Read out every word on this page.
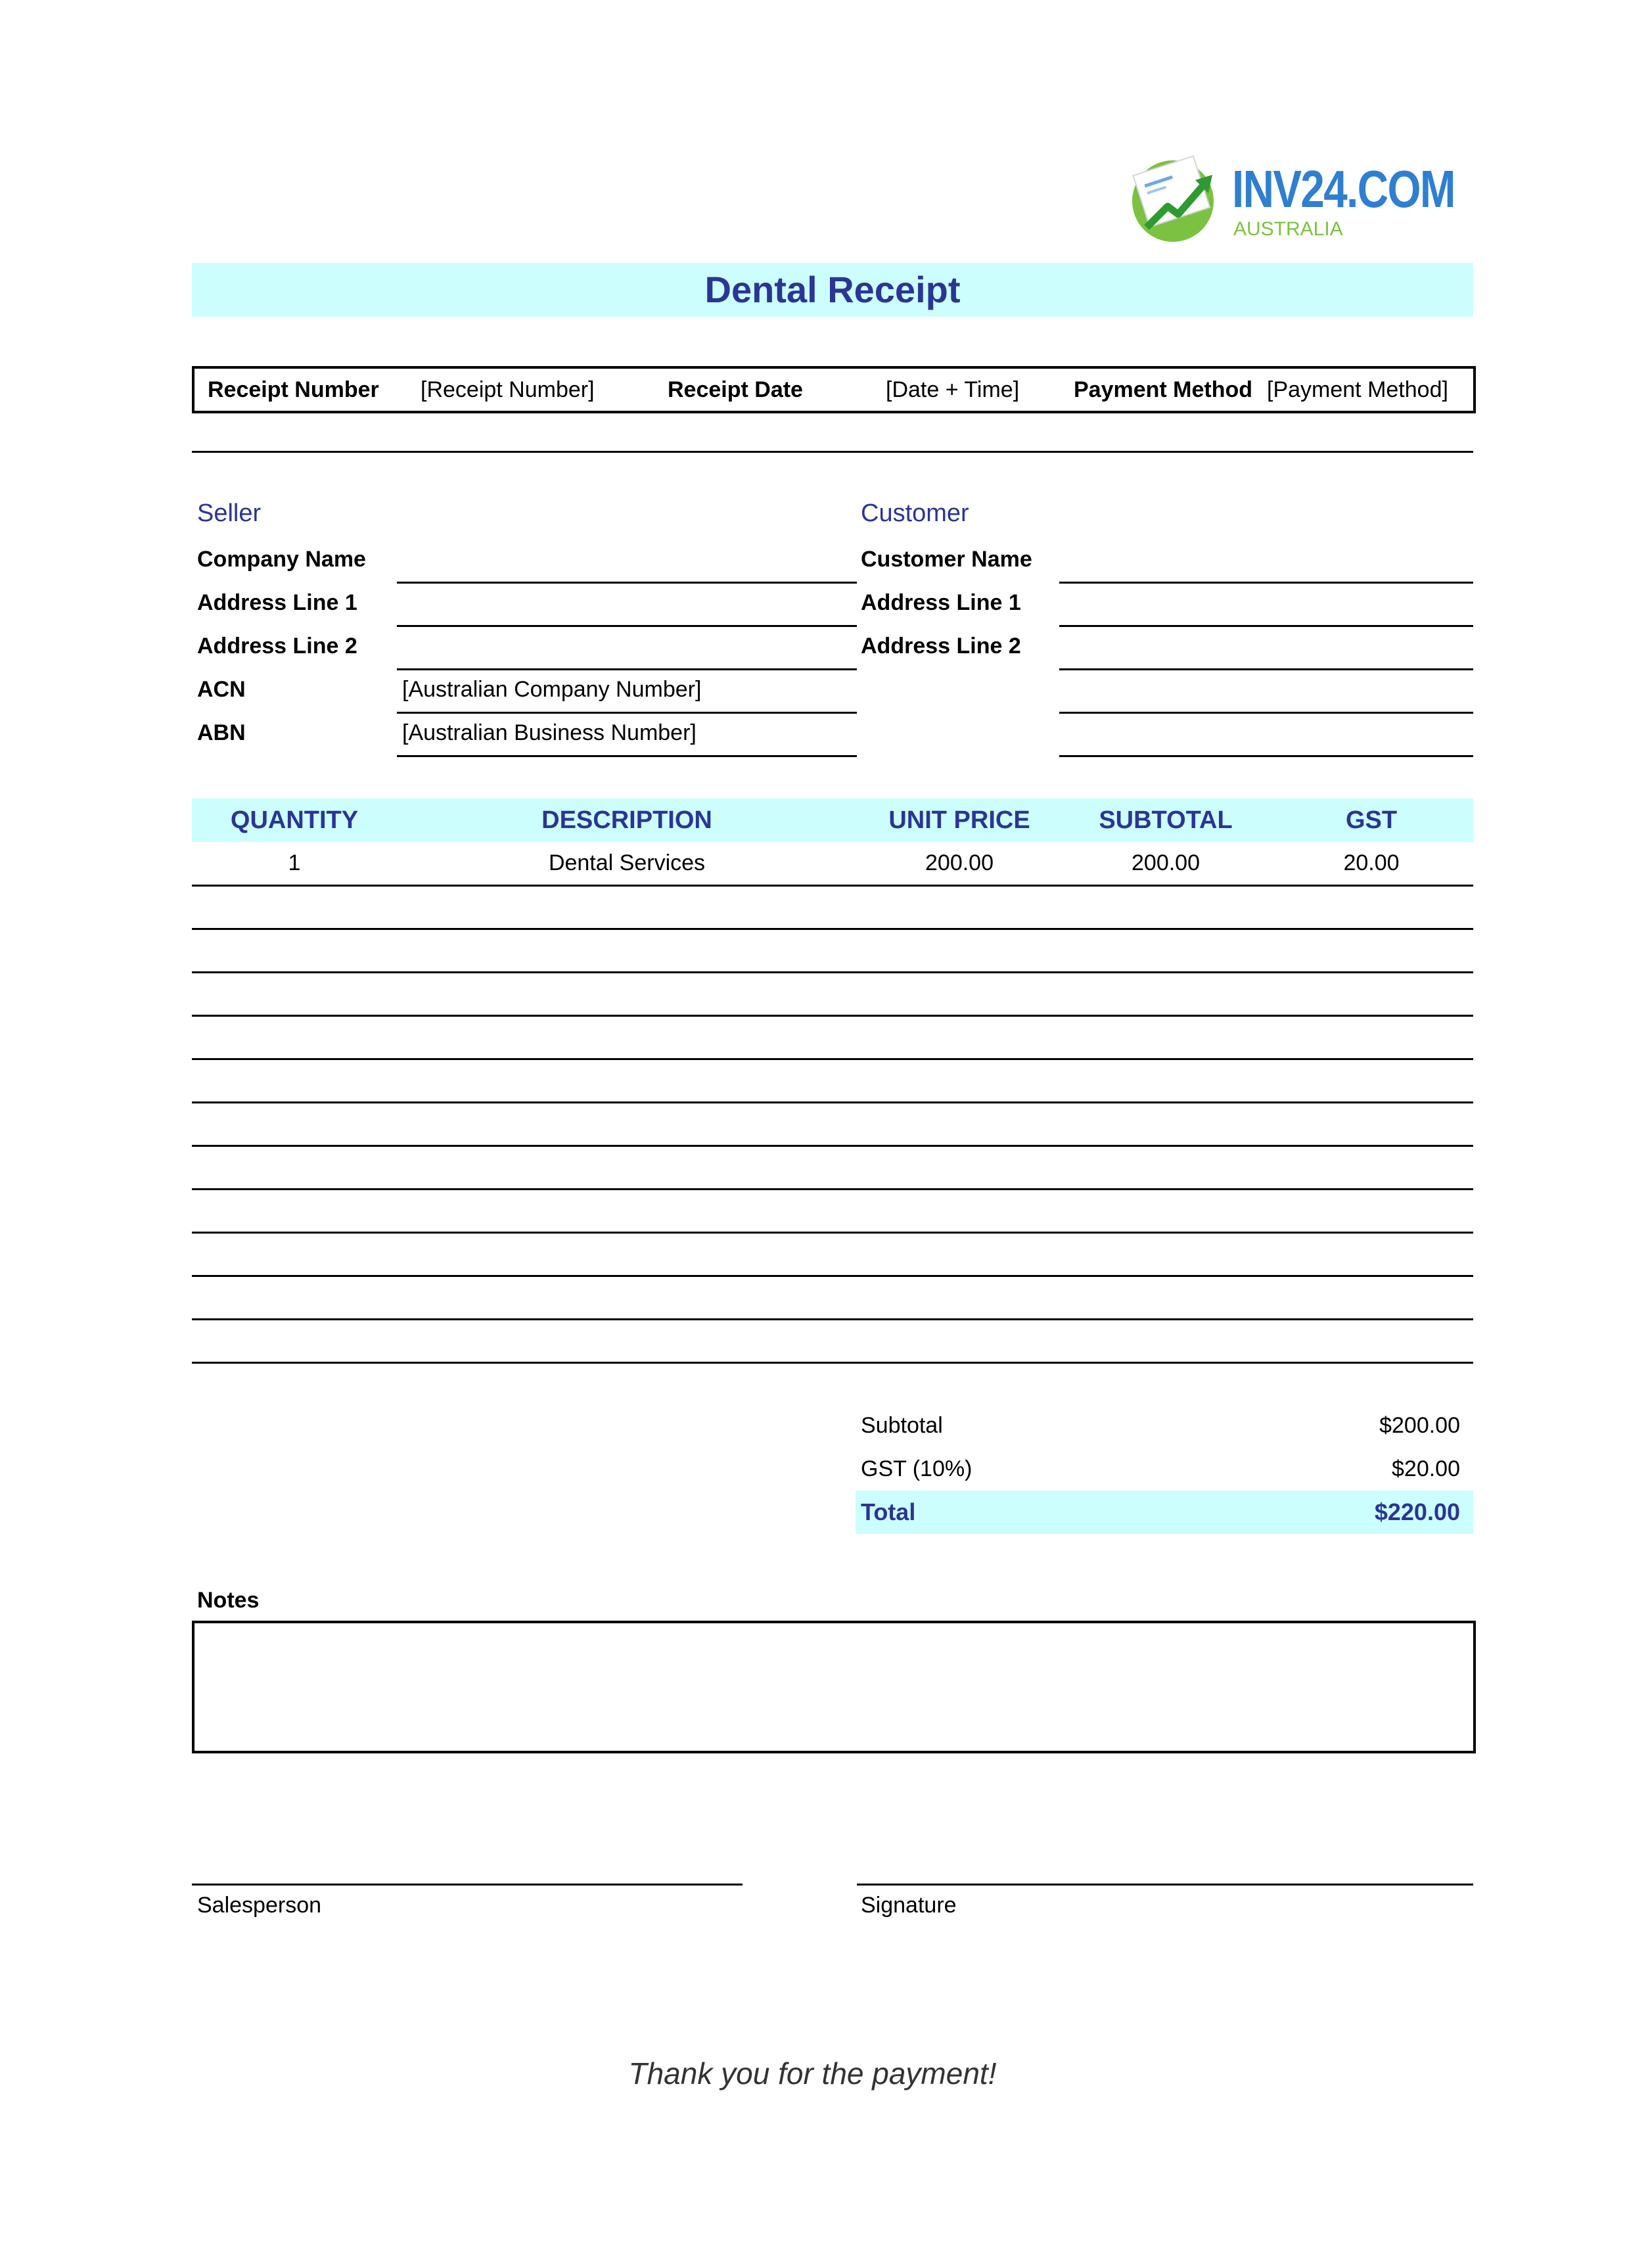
INV24.COM
AUSTRALIA
Dental Receipt
Receipt Number [Receipt Number]	Receipt Date	[Date + Time] Payment Method [Payment Method]
Seller
Company Name
Address Line 1
Address Line 2
ACN	[Australian Company Number]
ABN	[Australian Business Number]
Customer
Customer Name
Address Line 1
Address Line 2
QUANTITY	DESCRIPTION	UNIT PRICE	SUBTOTAL	GST
1	Dental Services	200.00	200.00	20.00
Subtotal	$200.00
GST (10%)	$20.00
Total	$220.00
Notes
Salesperson	Signature
Thank you for the payment!
